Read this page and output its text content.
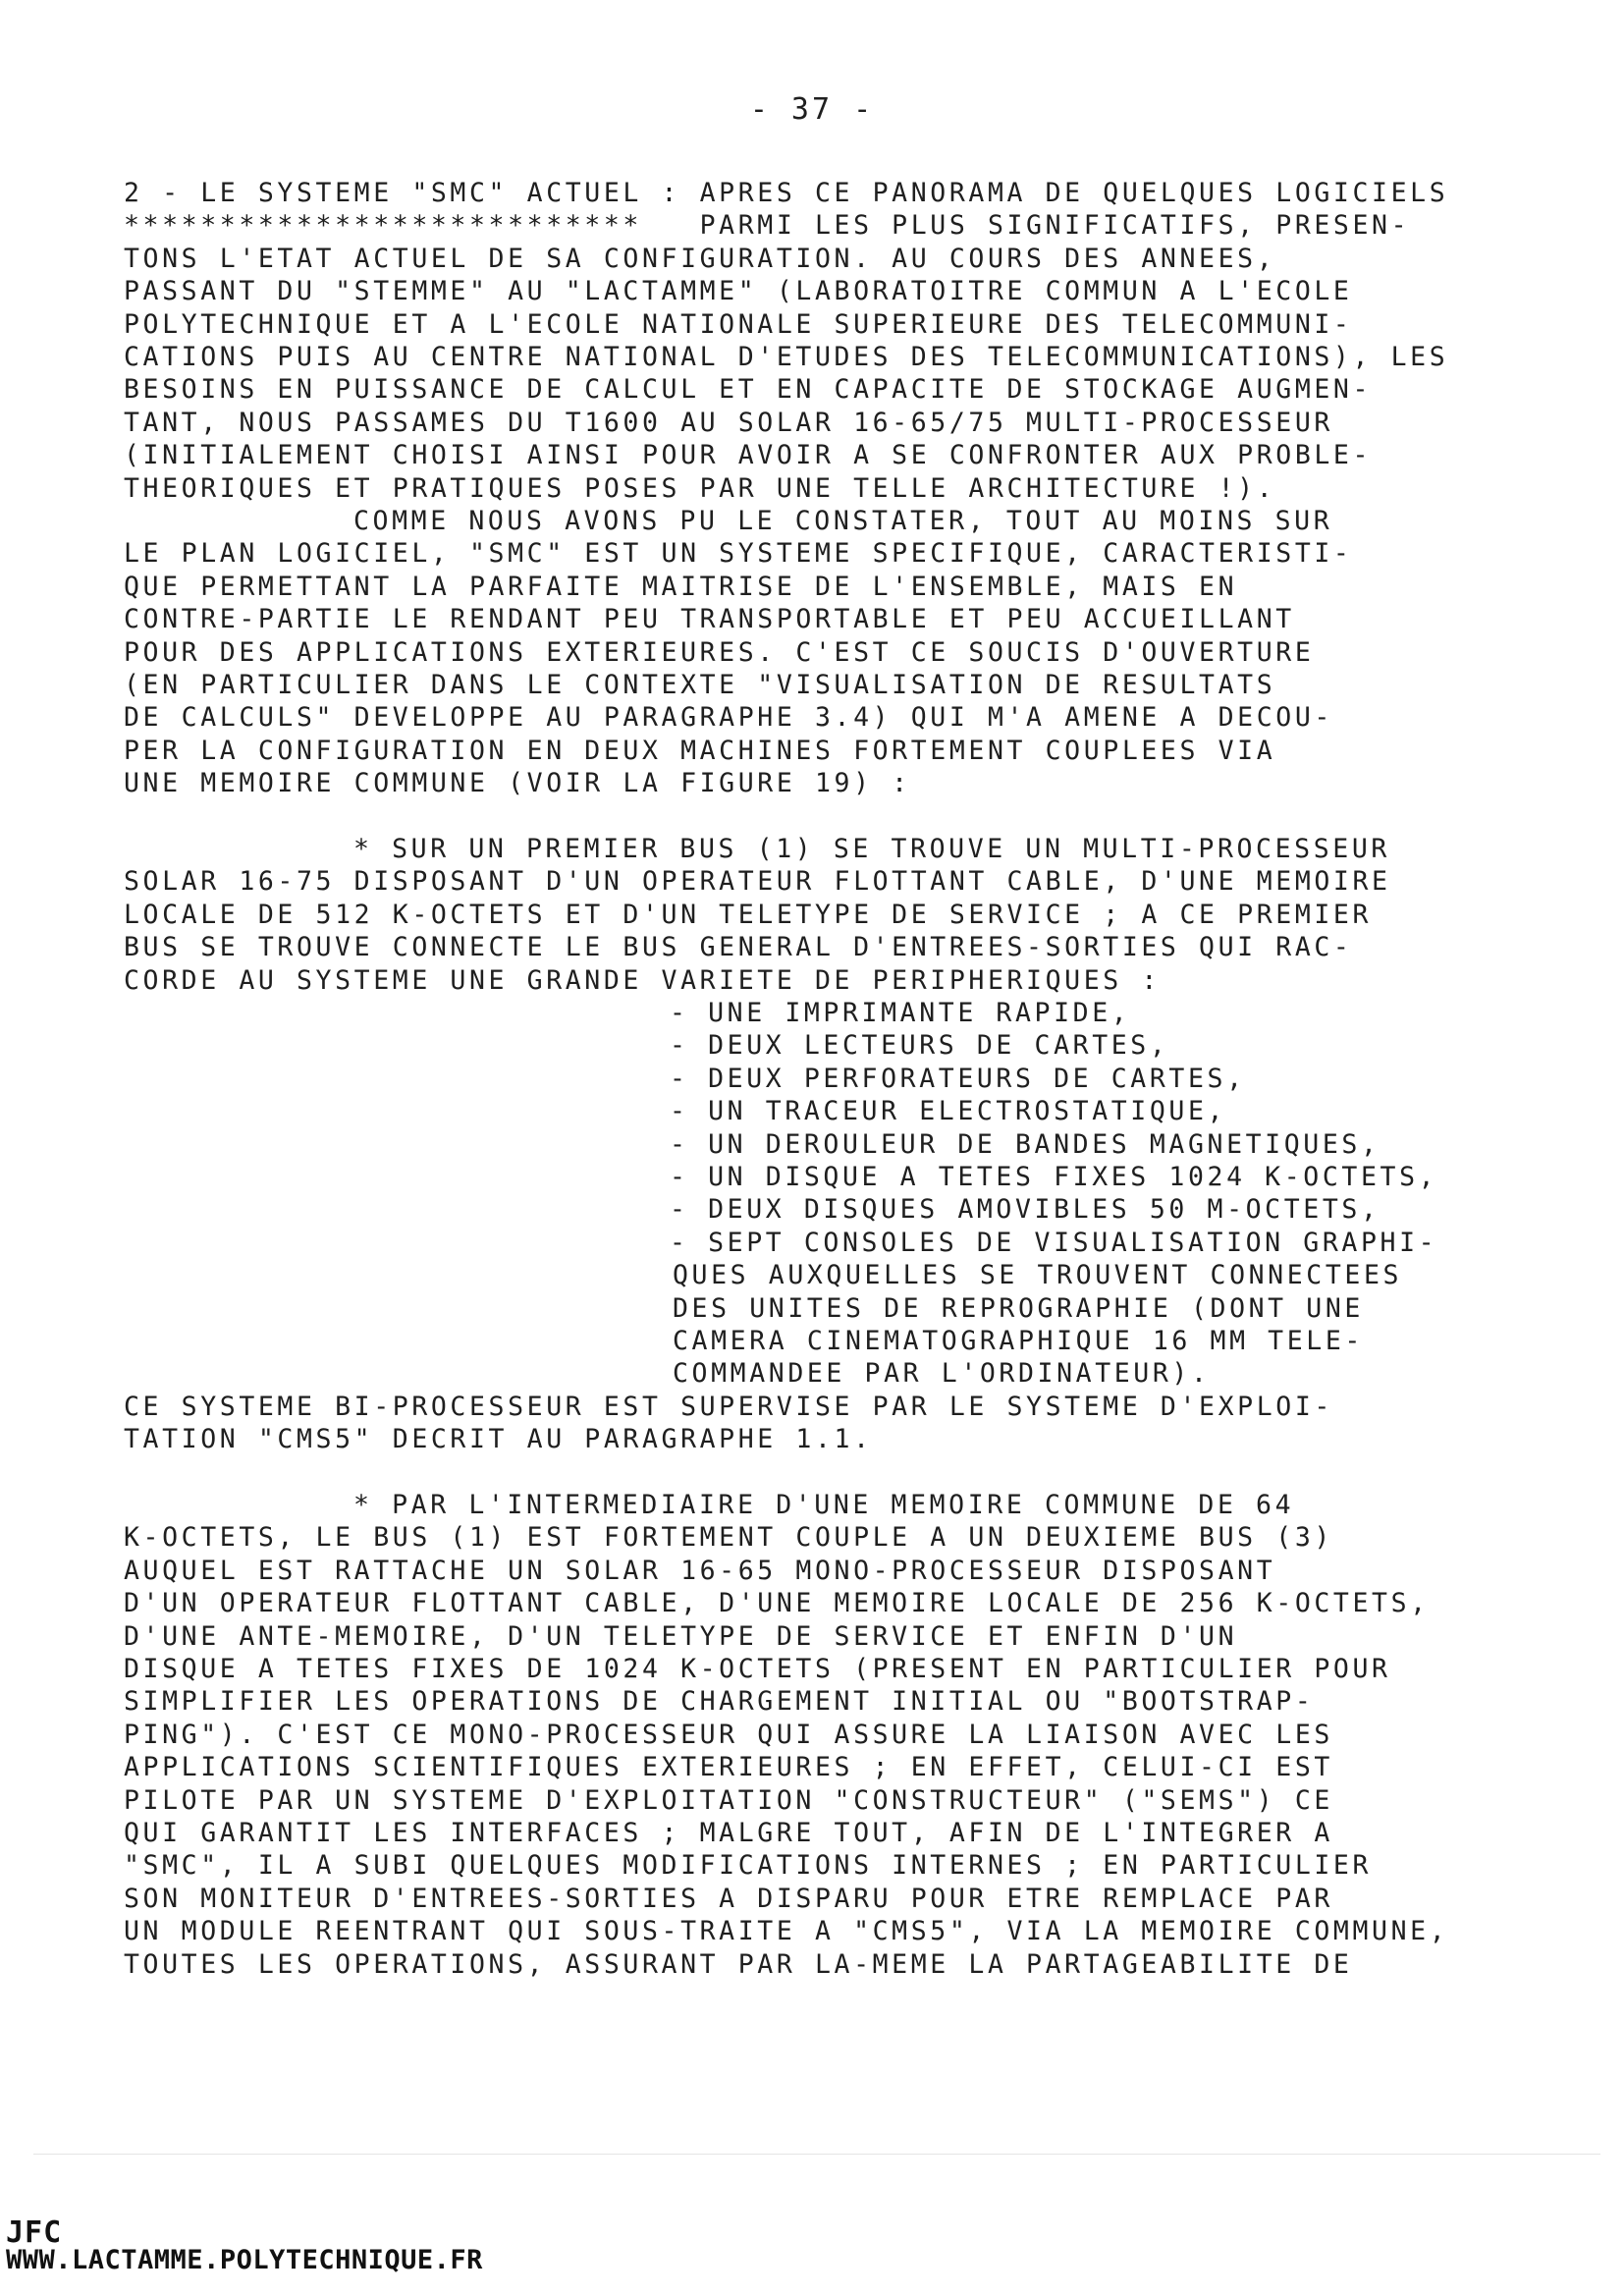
- 37 -
2 - LE SYSTEME "SMC" ACTUEL : APRES CE PANORAMA DE QUELQUES LOGICIELS
***************************   PARMI LES PLUS SIGNIFICATIFS, PRESEN-
TONS L'ETAT ACTUEL DE SA CONFIGURATION. AU COURS DES ANNEES,
PASSANT DU "STEMME" AU "LACTAMME" (LABORATOITRE COMMUN A L'ECOLE
POLYTECHNIQUE ET A L'ECOLE NATIONALE SUPERIEURE DES TELECOMMUNI-
CATIONS PUIS AU CENTRE NATIONAL D'ETUDES DES TELECOMMUNICATIONS), LES
BESOINS EN PUISSANCE DE CALCUL ET EN CAPACITE DE STOCKAGE AUGMEN-
TANT, NOUS PASSAMES DU T1600 AU SOLAR 16-65/75 MULTI-PROCESSEUR
(INITIALEMENT CHOISI AINSI POUR AVOIR A SE CONFRONTER AUX PROBLE-
THEORIQUES ET PRATIQUES POSES PAR UNE TELLE ARCHITECTURE !).
COMME NOUS AVONS PU LE CONSTATER, TOUT AU MOINS SUR
LE PLAN LOGICIEL, "SMC" EST UN SYSTEME SPECIFIQUE, CARACTERISTI-
QUE PERMETTANT LA PARFAITE MAITRISE DE L'ENSEMBLE, MAIS EN
CONTRE-PARTIE LE RENDANT PEU TRANSPORTABLE ET PEU ACCUEILLANT
POUR DES APPLICATIONS EXTERIEURES. C'EST CE SOUCIS D'OUVERTURE
(EN PARTICULIER DANS LE CONTEXTE "VISUALISATION DE RESULTATS
DE CALCULS" DEVELOPPE AU PARAGRAPHE 3.4) QUI M'A AMENE A DECOU-
PER LA CONFIGURATION EN DEUX MACHINES FORTEMENT COUPLEES VIA
UNE MEMOIRE COMMUNE (VOIR LA FIGURE 19) :
* SUR UN PREMIER BUS (1) SE TROUVE UN MULTI-PROCESSEUR
SOLAR 16-75 DISPOSANT D'UN OPERATEUR FLOTTANT CABLE, D'UNE MEMOIRE
LOCALE DE 512 K-OCTETS ET D'UN TELETYPE DE SERVICE ; A CE PREMIER
BUS SE TROUVE CONNECTE LE BUS GENERAL D'ENTREES-SORTIES QUI RAC-
CORDE AU SYSTEME UNE GRANDE VARIETE DE PERIPHERIQUES :
- UNE IMPRIMANTE RAPIDE,
- DEUX LECTEURS DE CARTES,
- DEUX PERFORATEURS DE CARTES,
- UN TRACEUR ELECTROSTATIQUE,
- UN DEROULEUR DE BANDES MAGNETIQUES,
- UN DISQUE A TETES FIXES 1024 K-OCTETS,
- DEUX DISQUES AMOVIBLES 50 M-OCTETS,
- SEPT CONSOLES DE VISUALISATION GRAPHI-
QUES AUXQUELLES SE TROUVENT CONNECTEES
DES UNITES DE REPROGRAPHIE (DONT UNE
CAMERA CINEMATOGRAPHIQUE 16 MM TELE-
COMMANDEE PAR L'ORDINATEUR).
CE SYSTEME BI-PROCESSEUR EST SUPERVISE PAR LE SYSTEME D'EXPLOI-
TATION "CMS5" DECRIT AU PARAGRAPHE 1.1.
* PAR L'INTERMEDIAIRE D'UNE MEMOIRE COMMUNE DE 64
K-OCTETS, LE BUS (1) EST FORTEMENT COUPLE A UN DEUXIEME BUS (3)
AUQUEL EST RATTACHE UN SOLAR 16-65 MONO-PROCESSEUR DISPOSANT
D'UN OPERATEUR FLOTTANT CABLE, D'UNE MEMOIRE LOCALE DE 256 K-OCTETS,
D'UNE ANTE-MEMOIRE, D'UN TELETYPE DE SERVICE ET ENFIN D'UN
DISQUE A TETES FIXES DE 1024 K-OCTETS (PRESENT EN PARTICULIER POUR
SIMPLIFIER LES OPERATIONS DE CHARGEMENT INITIAL OU "BOOTSTRAP-
PING"). C'EST CE MONO-PROCESSEUR QUI ASSURE LA LIAISON AVEC LES
APPLICATIONS SCIENTIFIQUES EXTERIEURES ; EN EFFET, CELUI-CI EST
PILOTE PAR UN SYSTEME D'EXPLOITATION "CONSTRUCTEUR" ("SEMS") CE
QUI GARANTIT LES INTERFACES ; MALGRE TOUT, AFIN DE L'INTEGRER A
"SMC", IL A SUBI QUELQUES MODIFICATIONS INTERNES ; EN PARTICULIER
SON MONITEUR D'ENTREES-SORTIES A DISPARU POUR ETRE REMPLACE PAR
UN MODULE REENTRANT QUI SOUS-TRAITE A "CMS5", VIA LA MEMOIRE COMMUNE,
TOUTES LES OPERATIONS, ASSURANT PAR LA-MEME LA PARTAGEABILITE DE
JFC
WWW.LACTAMME.POLYTECHNIQUE.FR
